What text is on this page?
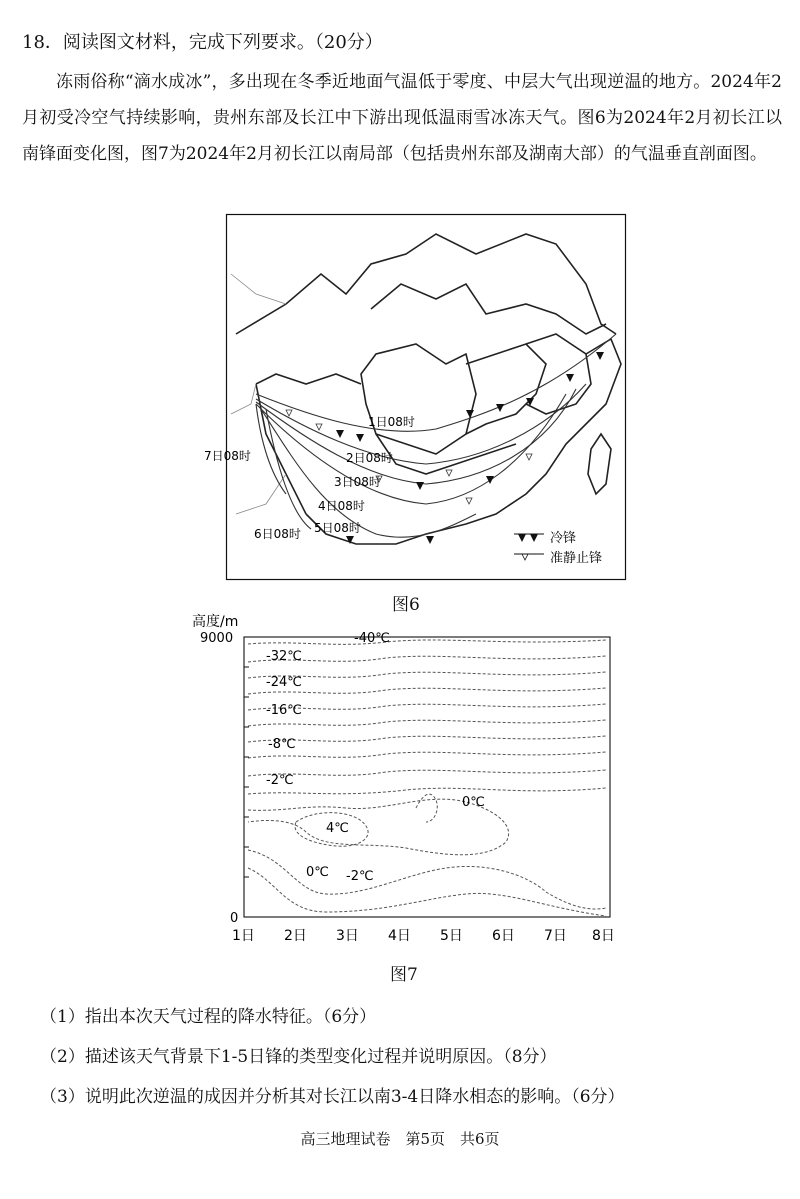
18．阅读图文材料，完成下列要求。（20分）
冻雨俗称“滴水成冰”，多出现在冬季近地面气温低于零度、中层大气出现逆温的地方。2024年2月初受冷空气持续影响，贵州东部及长江中下游出现低温雨雪冰冻天气。图6为2024年2月初长江以南锋面变化图，图7为2024年2月初长江以南局部（包括贵州东部及湖南大部）的气温垂直剖面图。
1日08时
2日08时
3日08时
4日08时
5日08时
6日08时
7日08时
冷锋
准静止锋
图6
高度/m
9000
0
-40℃
-32℃
-24℃
-16℃
-8℃
-2℃
0℃
4℃
0℃ -2℃
1日 2日 3日 4日 5日 6日 7日 8日
图7
（1）指出本次天气过程的降水特征。（6分）
（2）描述该天气背景下1-5日锋的类型变化过程并说明原因。（8分）
（3）说明此次逆温的成因并分析其对长江以南3-4日降水相态的影响。（6分）
高三地理试卷　第5页　共6页
